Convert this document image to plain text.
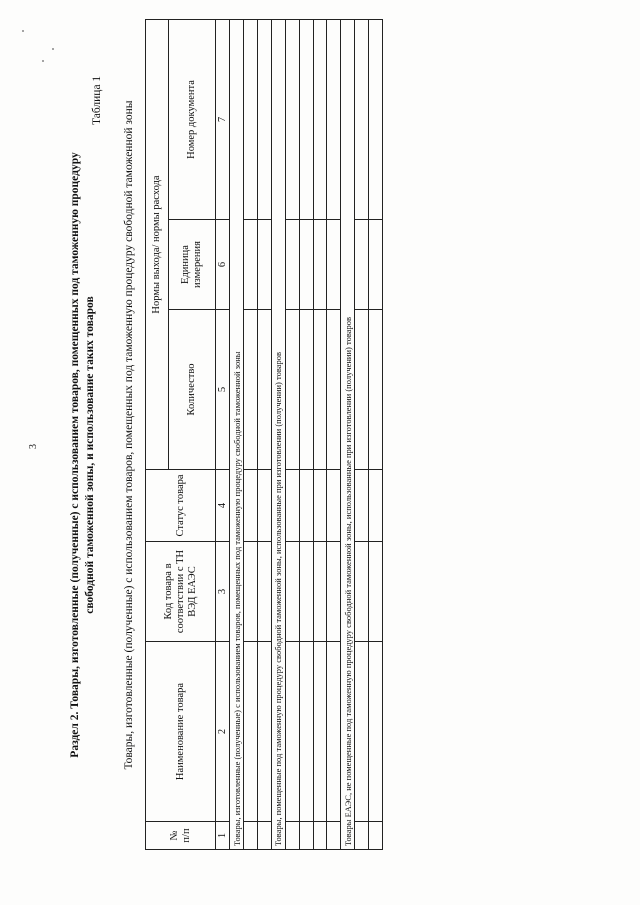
3	Раздел 2. Товары, изготовленные (полученные) с использованием товаров, помещенных под таможенную процедуру свободной таможенной зоны, и использование таких товаров
Таблица 1
Товары, изготовленные (полученные) с использованием товаров, помещенных под таможенную процедуру свободной таможенной зоны
№ п/п	Наименование товара	Код товара в соответствии с ТН ВЭД ЕАЭС	Статус товара	Нормы выхода/ нормы расхода		
				Количество	Единица измерения	Номер документа
1	2	3	4	5	6	7
Товары, изготовленные (полученные) с использованием товаров, помещенных под таможенную процедуру свободной таможенной зоны						

Товары, помещенные под таможенную процедуру свободной таможенной зоны, использованные при изготовлении (получении) товаров						

Товары ЕАЭС, не помещенные под таможенную процедуру свободной таможенной зоны, использованные при изготовлении (получении) товаров						
